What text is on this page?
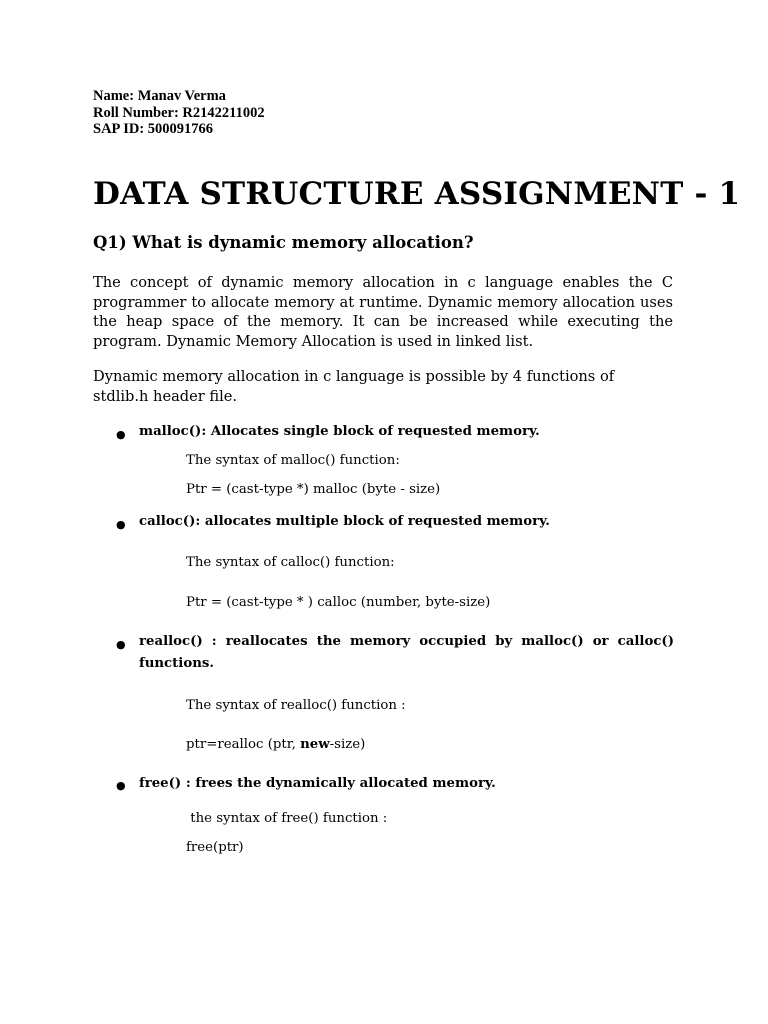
Name: Manav Verma
Roll Number: R2142211002
SAP ID: 500091766
DATA STRUCTURE ASSIGNMENT - 1
Q1) What is dynamic memory allocation?

The concept of dynamic memory allocation in c language enables the C programmer to allocate memory at runtime. Dynamic memory allocation uses the heap space of the memory. It can be increased while executing the program. Dynamic Memory Allocation is used in linked list.

Dynamic memory allocation in c language is possible by 4 functions of stdlib.h header file.

● malloc(): Allocates single block of requested memory.
The syntax of malloc() function:
Ptr = (cast-type *) malloc (byte - size)
● calloc(): allocates multiple block of requested memory.
The syntax of calloc() function:
Ptr = (cast-type * ) calloc (number, byte-size)
● realloc() : reallocates the memory occupied by malloc() or calloc() functions.
The syntax of realloc() function :
ptr=realloc (ptr, new-size)
● free() : frees the dynamically allocated memory.
the syntax of free() function :
free(ptr)
